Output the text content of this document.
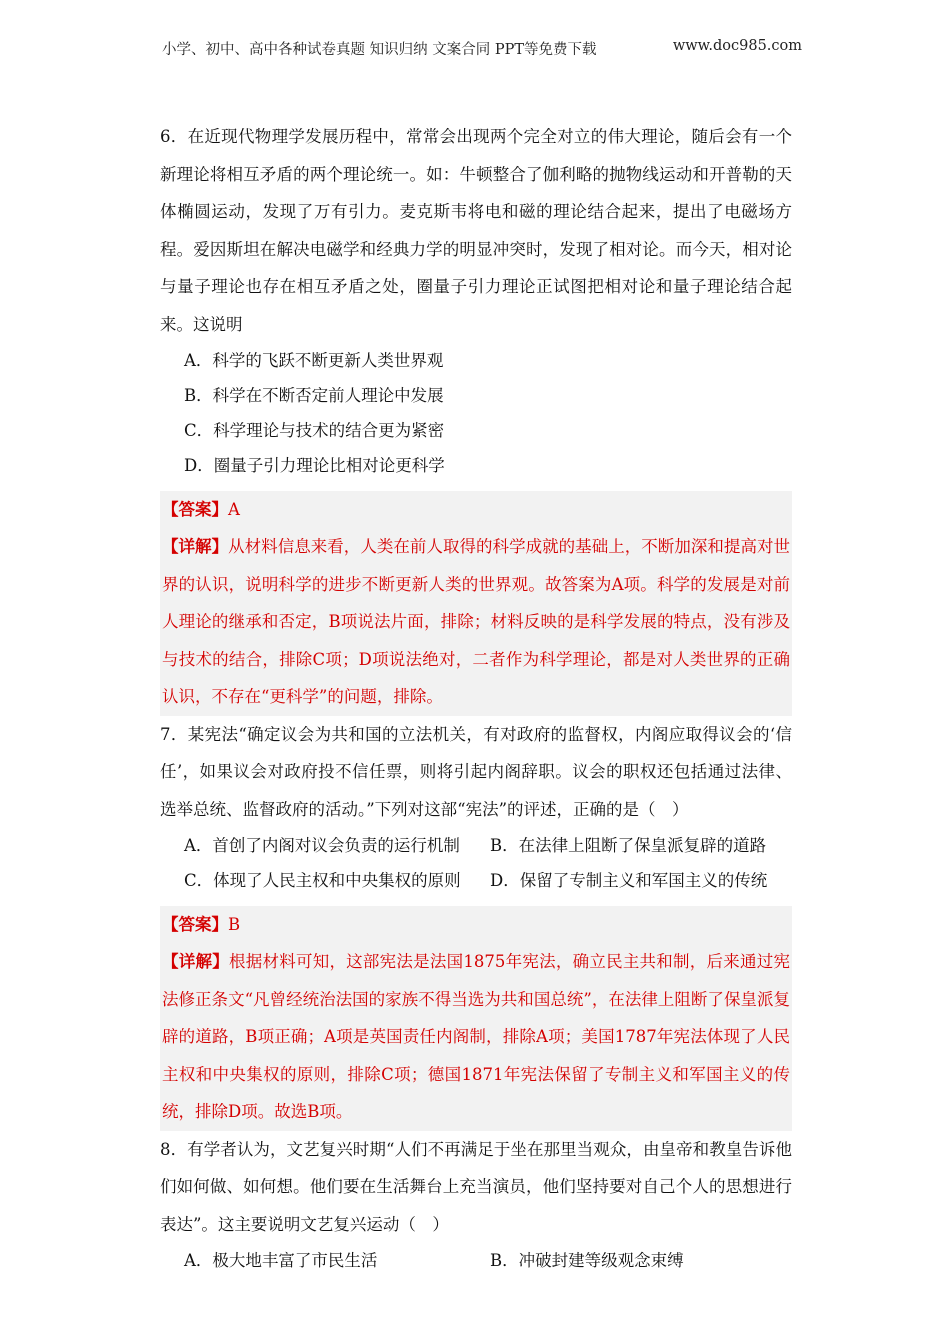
小学、初中、高中各种试卷真题 知识归纳 文案合同 PPT等免费下载	www.doc985.com

6．在近现代物理学发展历程中，常常会出现两个完全对立的伟大理论，随后会有一个新理论将相互矛盾的两个理论统一。如：牛顿整合了伽利略的抛物线运动和开普勒的天体椭圆运动，发现了万有引力。麦克斯韦将电和磁的理论结合起来，提出了电磁场方程。爱因斯坦在解决电磁学和经典力学的明显冲突时，发现了相对论。而今天，相对论与量子理论也存在相互矛盾之处，圈量子引力理论正试图把相对论和量子理论结合起来。这说明

A．科学的飞跃不断更新人类世界观

B．科学在不断否定前人理论中发展

C．科学理论与技术的结合更为紧密

D．圈量子引力理论比相对论更科学

【答案】A

【详解】从材料信息来看，人类在前人取得的科学成就的基础上，不断加深和提高对世界的认识，说明科学的进步不断更新人类的世界观。故答案为A项。科学的发展是对前人理论的继承和否定，B项说法片面，排除；材料反映的是科学发展的特点，没有涉及与技术的结合，排除C项；D项说法绝对，二者作为科学理论，都是对人类世界的正确认识，不存在“更科学”的问题，排除。

7．某宪法“确定议会为共和国的立法机关，有对政府的监督权，内阁应取得议会的‘信任’，如果议会对政府投不信任票，则将引起内阁辞职。议会的职权还包括通过法律、选举总统、监督政府的活动。”下列对这部“宪法”的评述，正确的是（　）

A．首创了内阁对议会负责的运行机制	B．在法律上阻断了保皇派复辟的道路
C．体现了人民主权和中央集权的原则	D．保留了专制主义和军国主义的传统

【答案】B

【详解】根据材料可知，这部宪法是法国1875年宪法，确立民主共和制，后来通过宪法修正条文“凡曾经统治法国的家族不得当选为共和国总统”，在法律上阻断了保皇派复辟的道路，B项正确；A项是英国责任内阁制，排除A项；美国1787年宪法体现了人民主权和中央集权的原则，排除C项；德国1871年宪法保留了专制主义和军国主义的传统，排除D项。故选B项。

8．有学者认为，文艺复兴时期“人们不再满足于坐在那里当观众，由皇帝和教皇告诉他们如何做、如何想。他们要在生活舞台上充当演员，他们坚持要对自己个人的思想进行表达”。这主要说明文艺复兴运动（　）

A．极大地丰富了市民生活	B．冲破封建等级观念束缚
